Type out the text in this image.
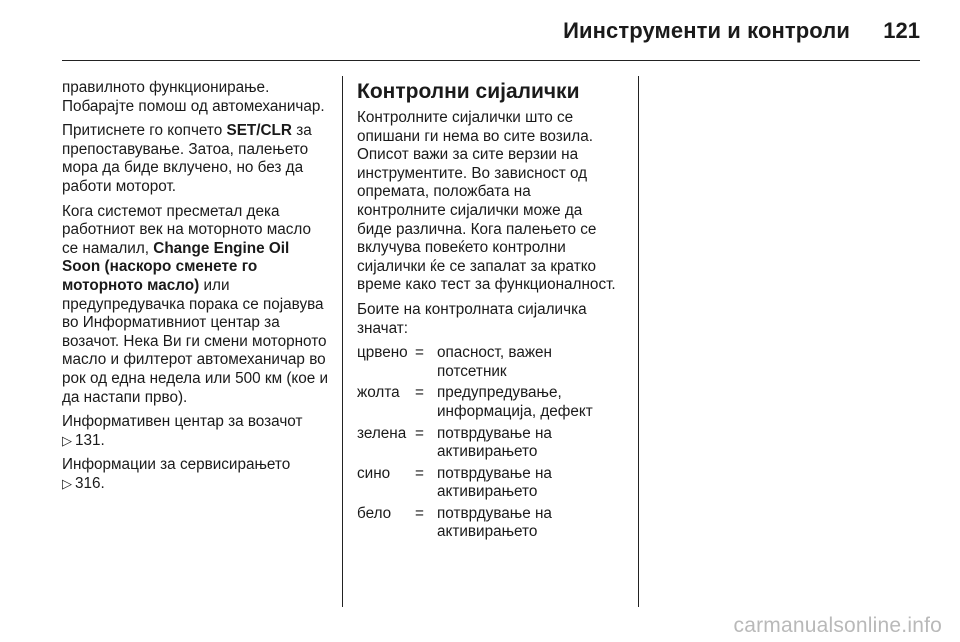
Иинструменти и контроли	121

правилното функционирање. Побарајте помош од автомеханичар.

Притиснете го копчето SET/CLR за препоставување. Затоа, палењето мора да биде вклучено, но без да работи моторот.

Кога системот пресметал дека работниот век на моторното масло се намалил, Change Engine Oil Soon (наскоро сменете го моторното масло) или предупредувачка порака се појавува во Информативниот центар за возачот. Нека Ви ги смени моторното масло и филтерот автомеханичар во рок од една недела или 500 км (кое и да настапи прво).

Информативен центар за возачот
▷ 131.

Информации за сервисирањето
▷ 316.

Контролни сијалички

Контролните сијалички што се опишани ги нема во сите возила. Описот важи за сите верзии на инструментите. Во зависност од опремата, положбата на контролните сијалички може да биде различна. Кога палењето се вклучува повеќето контролни сијалички ќе се запалат за кратко време како тест за функционалност.

Боите на контролната сијаличка значат:

црвено	=	опасност, важен потсетник
жолта	=	предупредување, информација, дефект
зелена	=	потврдување на активирањето
сино	=	потврдување на активирањето
бело	=	потврдување на активирањето
carmanualsonline.info
